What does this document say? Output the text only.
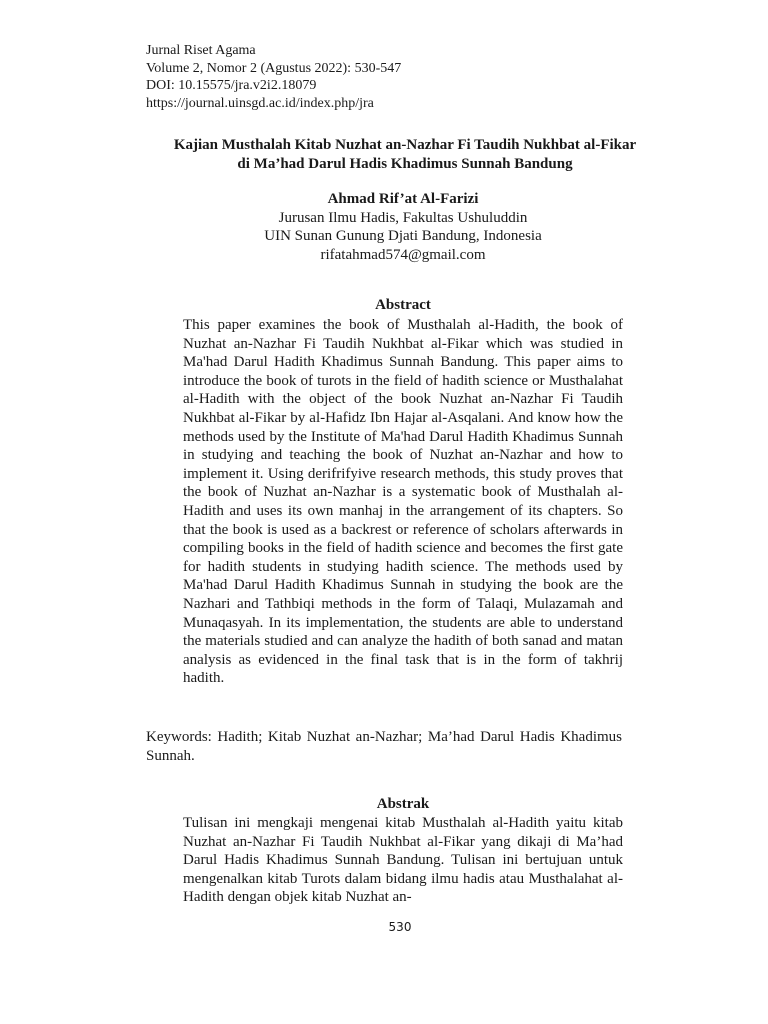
Jurnal Riset Agama
Volume 2, Nomor 2 (Agustus 2022): 530-547
DOI: 10.15575/jra.v2i2.18079
https://journal.uinsgd.ac.id/index.php/jra
Kajian Musthalah Kitab Nuzhat an-Nazhar Fi Taudih Nukhbat al-Fikar
di Ma’had Darul Hadis Khadimus Sunnah Bandung
Ahmad Rif’at Al-Farizi
Jurusan Ilmu Hadis, Fakultas Ushuluddin
UIN Sunan Gunung Djati Bandung, Indonesia
rifatahmad574@gmail.com
Abstract
This paper examines the book of Musthalah al-Hadith, the book of Nuzhat an-Nazhar Fi Taudih Nukhbat al-Fikar which was studied in Ma'had Darul Hadith Khadimus Sunnah Bandung. This paper aims to introduce the book of turots in the field of hadith science or Musthalahat al-Hadith with the object of the book Nuzhat an-Nazhar Fi Taudih Nukhbat al-Fikar by al-Hafidz Ibn Hajar al-Asqalani. And know how the methods used by the Institute of Ma'had Darul Hadith Khadimus Sunnah in studying and teaching the book of Nuzhat an-Nazhar and how to implement it. Using derifrifyive research methods, this study proves that the book of Nuzhat an-Nazhar is a systematic book of Musthalah al-Hadith and uses its own manhaj in the arrangement of its chapters. So that the book is used as a backrest or reference of scholars afterwards in compiling books in the field of hadith science and becomes the first gate for hadith students in studying hadith science. The methods used by Ma'had Darul Hadith Khadimus Sunnah in studying the book are the Nazhari and Tathbiqi methods in the form of Talaqi, Mulazamah and Munaqasyah. In its implementation, the students are able to understand the materials studied and can analyze the hadith of both sanad and matan analysis as evidenced in the final task that is in the form of takhrij hadith.
Keywords: Hadith; Kitab Nuzhat an-Nazhar; Ma’had Darul Hadis Khadimus Sunnah.
Abstrak
Tulisan ini mengkaji mengenai kitab Musthalah al-Hadith yaitu kitab Nuzhat an-Nazhar Fi Taudih Nukhbat al-Fikar yang dikaji di Ma’had Darul Hadis Khadimus Sunnah Bandung. Tulisan ini bertujuan untuk mengenalkan kitab Turots dalam bidang ilmu hadis atau Musthalahat al-Hadith dengan objek kitab Nuzhat an-
530
